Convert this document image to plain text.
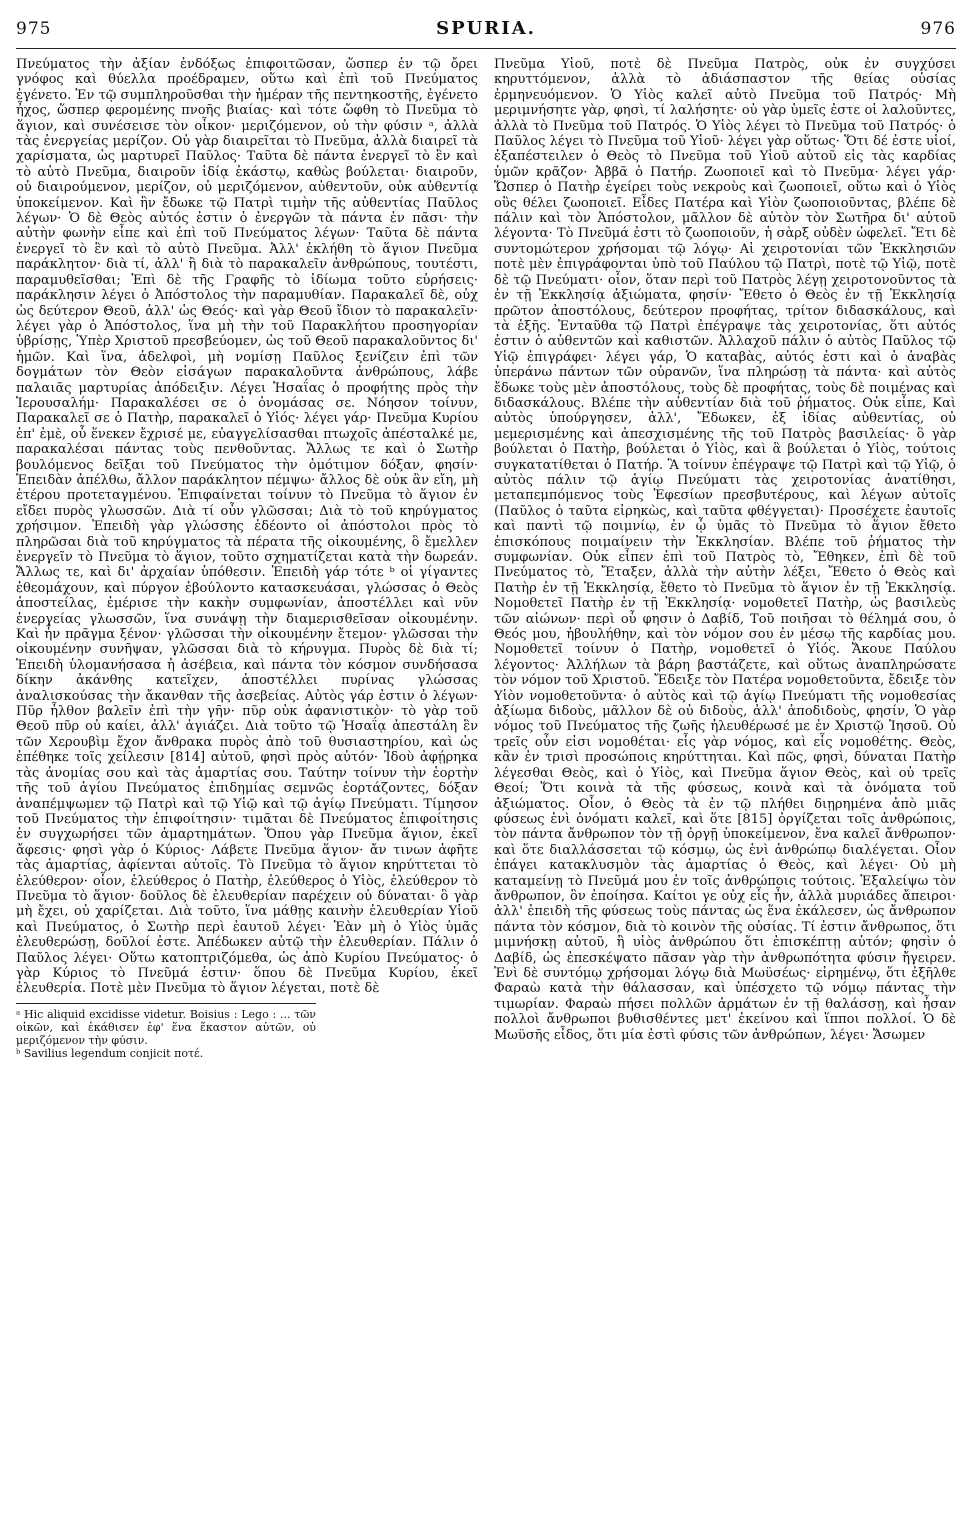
975	SPURIA.	976

Πνεύματος τὴν ἀξίαν ἐνδόξως ἐπιφοιτῶσαν, ὥσπερ ἐν τῷ ὄρει γνόφος καὶ θύελλα προέδραμεν, οὕτω καὶ ἐπὶ τοῦ Πνεύματος ἐγένετο. Ἐν τῷ συμπληροῦσθαι τὴν ἡμέραν τῆς πεντηκοστῆς, ἐγένετο ἦχος, ὥσπερ φερομένης πνοῆς βιαίας· καὶ τότε ὤφθη τὸ Πνεῦμα τὸ ἅγιον, καὶ συνέσεισε τὸν οἶκον· μεριζόμενον, οὐ τὴν φύσιν ᵃ, ἀλλὰ τὰς ἐνεργείας μερίζον. Οὐ γὰρ διαιρεῖται τὸ Πνεῦμα, ἀλλὰ διαιρεῖ τὰ χαρίσματα, ὡς μαρτυρεῖ Παῦλος· Ταῦτα δὲ πάντα ἐνεργεῖ τὸ ἓν καὶ τὸ αὐτὸ Πνεῦμα, διαιροῦν ἰδίᾳ ἑκάστῳ, καθὼς βούλεται· διαιροῦν, οὐ διαιρούμενον, μερίζον, οὐ μεριζόμενον, αὐθεντοῦν, οὐκ αὐθεντίᾳ ὑποκείμενον. Καὶ ἣν ἔδωκε τῷ Πατρὶ τιμὴν τῆς αὐθεντίας Παῦλος λέγων· Ὁ δὲ Θεὸς αὐτός ἐστιν ὁ ἐνεργῶν τὰ πάντα ἐν πᾶσι· τὴν αὐτὴν φωνὴν εἶπε καὶ ἐπὶ τοῦ Πνεύματος λέγων· Ταῦτα δὲ πάντα ἐνεργεῖ τὸ ἓν καὶ τὸ αὐτὸ Πνεῦμα. Ἀλλ' ἐκλήθη τὸ ἅγιον Πνεῦμα παράκλητον· διὰ τί, ἀλλ' ἢ διὰ τὸ παρακαλεῖν ἀνθρώπους, τουτέστι, παραμυθεῖσθαι; Ἐπὶ δὲ τῆς Γραφῆς τὸ ἰδίωμα τοῦτο εὑρήσεις· παράκλησιν λέγει ὁ Ἀπόστολος τὴν παραμυθίαν. Παρακαλεῖ δὲ, οὐχ ὡς δεύτερον Θεοῦ, ἀλλ' ὡς Θεός· καὶ γὰρ Θεοῦ ἴδιον τὸ παρακαλεῖν· λέγει γὰρ ὁ Ἀπόστολος, ἵνα μὴ τὴν τοῦ Παρακλήτου προσηγορίαν ὑβρίσῃς, Ὑπὲρ Χριστοῦ πρεσβεύομεν, ὡς τοῦ Θεοῦ παρακαλοῦντος δι' ἡμῶν. Καὶ ἵνα, ἀδελφοὶ, μὴ νομίσῃ Παῦλος ξενίζειν ἐπὶ τῶν δογμάτων τὸν Θεὸν εἰσάγων παρακαλοῦντα ἀνθρώπους, λάβε παλαιᾶς μαρτυρίας ἀπόδειξιν. Λέγει Ἡσαΐας ὁ προφήτης πρὸς τὴν Ἱερουσαλήμ· Παρακαλέσει σε ὁ ὀνομάσας σε. Νόησον τοίνυν, Παρακαλεῖ σε ὁ Πατὴρ, παρακαλεῖ ὁ Υἱός· λέγει γάρ· Πνεῦμα Κυρίου ἐπ' ἐμὲ, οὗ ἕνεκεν ἔχρισέ με, εὐαγγελίσασθαι πτωχοῖς ἀπέσταλκέ με, παρακαλέσαι πάντας τοὺς πενθοῦντας. Ἄλλως τε καὶ ὁ Σωτὴρ βουλόμενος δεῖξαι τοῦ Πνεύματος τὴν ὁμότιμον δόξαν, φησίν· Ἐπειδὰν ἀπέλθω, ἄλλον παράκλητον πέμψω· ἄλλος δὲ οὐκ ἂν εἴη, μὴ ἑτέρου προτεταγμένου. Ἐπιφαίνεται τοίνυν τὸ Πνεῦμα τὸ ἅγιον ἐν εἴδει πυρὸς γλωσσῶν. Διὰ τί οὖν γλῶσσαι; Διὰ τὸ τοῦ κηρύγματος χρήσιμον. Ἐπειδὴ γὰρ γλώσσης ἐδέοντο οἱ ἀπόστολοι πρὸς τὸ πληρῶσαι διὰ τοῦ κηρύγματος τὰ πέρατα τῆς οἰκουμένης, ὃ ἔμελλεν ἐνεργεῖν τὸ Πνεῦμα τὸ ἅγιον, τοῦτο σχηματίζεται κατὰ τὴν δωρεάν. Ἄλλως τε, καὶ δι' ἀρχαίαν ὑπόθεσιν. Ἐπειδὴ γάρ τότε ᵇ οἱ γίγαντες ἐθεομάχουν, καὶ πύργον ἐβούλοντο κατασκευάσαι, γλώσσας ὁ Θεὸς ἀποστείλας, ἐμέρισε τὴν κακὴν συμφωνίαν, ἀποστέλλει καὶ νῦν ἐνεργείας γλωσσῶν, ἵνα συνάψῃ τὴν διαμερισθεῖσαν οἰκουμένην. Καὶ ἦν πρᾶγμα ξένον· γλῶσσαι τὴν οἰκουμένην ἔτεμον· γλῶσσαι τὴν οἰκουμένην συνῆψαν, γλῶσσαι διὰ τὸ κήρυγμα. Πυρὸς δὲ διὰ τί; Ἐπειδὴ ὑλομανήσασα ἡ ἀσέβεια, καὶ πάντα τὸν κόσμον συνδήσασα δίκην ἀκάνθης κατεῖχεν, ἀποστέλλει πυρίνας γλώσσας ἀναλισκούσας τὴν ἄκανθαν τῆς ἀσεβείας. Αὐτὸς γάρ ἐστιν ὁ λέγων· Πῦρ ἦλθον βαλεῖν ἐπὶ τὴν γῆν· πῦρ οὐκ ἀφανιστικὸν· τὸ γὰρ τοῦ Θεοῦ πῦρ οὐ καίει, ἀλλ' ἁγιάζει. Διὰ τοῦτο τῷ Ἡσαΐᾳ ἀπεστάλη ἓν τῶν Χερουβὶμ ἔχον ἄνθρακα πυρὸς ἀπὸ τοῦ θυσιαστηρίου, καὶ ὡς ἐπέθηκε τοῖς χείλεσιν [814] αὐτοῦ, φησὶ πρὸς αὐτόν· Ἰδοὺ ἀφῄρηκα τὰς ἀνομίας σου καὶ τὰς ἁμαρτίας σου. Ταύτην τοίνυν τὴν ἑορτὴν τῆς τοῦ ἁγίου Πνεύματος ἐπιδημίας σεμνῶς ἑορτάζοντες, δόξαν ἀναπέμψωμεν τῷ Πατρὶ καὶ τῷ Υἱῷ καὶ τῷ ἁγίῳ Πνεύματι. Τίμησον τοῦ Πνεύματος τὴν ἐπιφοίτησιν· τιμᾶται δὲ Πνεύματος ἐπιφοίτησις ἐν συγχωρήσει τῶν ἁμαρτημάτων. Ὅπου γὰρ Πνεῦμα ἅγιον, ἐκεῖ ἄφεσις· φησὶ γὰρ ὁ Κύριος· Λάβετε Πνεῦμα ἅγιον· ἄν τινων ἀφῆτε τὰς ἁμαρτίας, ἀφίενται αὐτοῖς. Τὸ Πνεῦμα τὸ ἅγιον κηρύττεται τὸ ἐλεύθερον· οἷον, ἐλεύθερος ὁ Πατὴρ, ἐλεύθερος ὁ Υἱὸς, ἐλεύθερον τὸ Πνεῦμα τὸ ἅγιον· δοῦλος δὲ ἐλευθερίαν παρέχειν οὐ δύναται· ὃ γὰρ μὴ ἔχει, οὐ χαρίζεται. Διὰ τοῦτο, ἵνα μάθῃς καινὴν ἐλευθερίαν Υἱοῦ καὶ Πνεύματος, ὁ Σωτὴρ περὶ ἑαυτοῦ λέγει· Ἐὰν μὴ ὁ Υἱὸς ὑμᾶς ἐλευθερώσῃ, δοῦλοί ἐστε. Ἀπέδωκεν αὐτῷ τὴν ἐλευθερίαν. Πάλιν ὁ Παῦλος λέγει· Οὕτω κατοπτριζόμεθα, ὡς ἀπὸ Κυρίου Πνεύματος· ὁ γὰρ Κύριος τὸ Πνεῦμά ἐστιν· ὅπου δὲ Πνεῦμα Κυρίου, ἐκεῖ ἐλευθερία. Ποτὲ μὲν Πνεῦμα τὸ ἅγιον λέγεται, ποτὲ δὲ

ᵃ Hic aliquid excidisse videtur. Boisius : Lego : ... τῶν οἰκῶν, καὶ ἐκάθισεν ἐφ' ἕνα ἕκαστον αὐτῶν, οὐ μεριζόμενον τὴν φύσιν.
ᵇ Savilius legendum conjicit ποτέ.

Πνεῦμα Υἱοῦ, ποτὲ δὲ Πνεῦμα Πατρὸς, οὐκ ἐν συγχύσει κηρυττόμενον, ἀλλὰ τὸ ἀδιάσπαστον τῆς θείας οὐσίας ἑρμηνευόμενον. Ὁ Υἱὸς καλεῖ αὐτὸ Πνεῦμα τοῦ Πατρός· Μὴ μεριμνήσητε γὰρ, φησὶ, τί λαλήσητε· οὐ γὰρ ὑμεῖς ἐστε οἱ λαλοῦντες, ἀλλὰ τὸ Πνεῦμα τοῦ Πατρός. Ὁ Υἱὸς λέγει τὸ Πνεῦμα τοῦ Πατρός· ὁ Παῦλος λέγει τὸ Πνεῦμα τοῦ Υἱοῦ· λέγει γὰρ οὕτως· Ὅτι δέ ἐστε υἱοί, ἐξαπέστειλεν ὁ Θεὸς τὸ Πνεῦμα τοῦ Υἱοῦ αὐτοῦ εἰς τὰς καρδίας ὑμῶν κρᾶζον· Ἀββᾶ ὁ Πατήρ. Ζωοποιεῖ καὶ τὸ Πνεῦμα· λέγει γάρ· Ὥσπερ ὁ Πατὴρ ἐγείρει τοὺς νεκροὺς καὶ ζωοποιεῖ, οὕτω καὶ ὁ Υἱὸς οὓς θέλει ζωοποιεῖ. Εἶδες Πατέρα καὶ Υἱὸν ζωοποιοῦντας, βλέπε δὲ πάλιν καὶ τὸν Ἀπόστολον, μᾶλλον δὲ αὐτὸν τὸν Σωτῆρα δι' αὐτοῦ λέγοντα· Τὸ Πνεῦμά ἐστι τὸ ζωοποιοῦν, ἡ σὰρξ οὐδὲν ὠφελεῖ. Ἔτι δὲ συντομώτερον χρήσομαι τῷ λόγῳ· Αἱ χειροτονίαι τῶν Ἐκκλησιῶν ποτὲ μὲν ἐπιγράφονται ὑπὸ τοῦ Παύλου τῷ Πατρὶ, ποτὲ τῷ Υἱῷ, ποτὲ δὲ τῷ Πνεύματι· οἷον, ὅταν περὶ τοῦ Πατρὸς λέγῃ χειροτονοῦντος τὰ ἐν τῇ Ἐκκλησίᾳ ἀξιώματα, φησίν· Ἔθετο ὁ Θεὸς ἐν τῇ Ἐκκλησίᾳ πρῶτον ἀποστόλους, δεύτερον προφήτας, τρίτον διδασκάλους, καὶ τὰ ἑξῆς. Ἐνταῦθα τῷ Πατρὶ ἐπέγραψε τὰς χειροτονίας, ὅτι αὐτός ἐστιν ὁ αὐθεντῶν καὶ καθιστῶν. Ἀλλαχοῦ πάλιν ὁ αὐτὸς Παῦλος τῷ Υἱῷ ἐπιγράφει· λέγει γάρ, Ὁ καταβὰς, αὐτός ἐστι καὶ ὁ ἀναβὰς ὑπεράνω πάντων τῶν οὐρανῶν, ἵνα πληρώσῃ τὰ πάντα· καὶ αὐτὸς ἔδωκε τοὺς μὲν ἀποστόλους, τοὺς δὲ προφήτας, τοὺς δὲ ποιμένας καὶ διδασκάλους. Βλέπε τὴν αὐθεντίαν διὰ τοῦ ῥήματος. Οὐκ εἶπε, Καὶ αὐτὸς ὑπούργησεν, ἀλλ', Ἔδωκεν, ἐξ ἰδίας αὐθεντίας, οὐ μεμερισμένης καὶ ἀπεσχισμένης τῆς τοῦ Πατρὸς βασιλείας· ὃ γὰρ βούλεται ὁ Πατὴρ, βούλεται ὁ Υἱὸς, καὶ ἃ βούλεται ὁ Υἱὸς, τούτοις συγκατατίθεται ὁ Πατήρ. Ἃ τοίνυν ἐπέγραψε τῷ Πατρὶ καὶ τῷ Υἱῷ, ὁ αὐτὸς πάλιν τῷ ἁγίῳ Πνεύματι τὰς χειροτονίας ἀνατίθησι, μεταπεμπόμενος τοὺς Ἐφεσίων πρεσβυτέρους, καὶ λέγων αὐτοῖς (Παῦλος ὁ ταῦτα εἰρηκὼς, καὶ ταῦτα φθέγγεται)· Προσέχετε ἑαυτοῖς καὶ παντὶ τῷ ποιμνίῳ, ἐν ᾧ ὑμᾶς τὸ Πνεῦμα τὸ ἅγιον ἔθετο ἐπισκόπους ποιμαίνειν τὴν Ἐκκλησίαν. Βλέπε τοῦ ῥήματος τὴν συμφωνίαν. Οὐκ εἶπεν ἐπὶ τοῦ Πατρὸς τὸ, Ἔθηκεν, ἐπὶ δὲ τοῦ Πνεύματος τὸ, Ἔταξεν, ἀλλὰ τὴν αὐτὴν λέξει, Ἔθετο ὁ Θεὸς καὶ Πατὴρ ἐν τῇ Ἐκκλησίᾳ, ἔθετο τὸ Πνεῦμα τὸ ἅγιον ἐν τῇ Ἐκκλησίᾳ. Νομοθετεῖ Πατὴρ ἐν τῇ Ἐκκλησίᾳ· νομοθετεῖ Πατὴρ, ὡς βασιλεὺς τῶν αἰώνων· περὶ οὗ φησιν ὁ Δαβίδ, Τοῦ ποιῆσαι τὸ θέλημά σου, ὁ Θεός μου, ἠβουλήθην, καὶ τὸν νόμον σου ἐν μέσῳ τῆς καρδίας μου. Νομοθετεῖ τοίνυν ὁ Πατὴρ, νομοθετεῖ ὁ Υἱός. Ἄκουε Παύλου λέγοντος· Ἀλλήλων τὰ βάρη βαστάζετε, καὶ οὕτως ἀναπληρώσατε τὸν νόμον τοῦ Χριστοῦ. Ἔδειξε τὸν Πατέρα νομοθετοῦντα, ἔδειξε τὸν Υἱὸν νομοθετοῦντα· ὁ αὐτὸς καὶ τῷ ἁγίῳ Πνεύματι τῆς νομοθεσίας ἀξίωμα διδοὺς, μᾶλλον δὲ οὐ διδοὺς, ἀλλ' ἀποδιδοὺς, φησίν, Ὁ γὰρ νόμος τοῦ Πνεύματος τῆς ζωῆς ἠλευθέρωσέ με ἐν Χριστῷ Ἰησοῦ. Οὐ τρεῖς οὖν εἰσι νομοθέται· εἷς γὰρ νόμος, καὶ εἷς νομοθέτης. Θεὸς, κἂν ἐν τρισὶ προσώποις κηρύττηται. Καὶ πῶς, φησὶ, δύναται Πατὴρ λέγεσθαι Θεὸς, καὶ ὁ Υἱὸς, καὶ Πνεῦμα ἅγιον Θεὸς, καὶ οὐ τρεῖς Θεοί; Ὅτι κοινὰ τὰ τῆς φύσεως, κοινὰ καὶ τὰ ὀνόματα τοῦ ἀξιώματος. Οἷον, ὁ Θεὸς τὰ ἐν τῷ πλήθει διῃρημένα ἀπὸ μιᾶς φύσεως ἑνὶ ὀνόματι καλεῖ, καὶ ὅτε [815] ὀργίζεται τοῖς ἀνθρώποις, τὸν πάντα ἄνθρωπον τὸν τῇ ὀργῇ ὑποκείμενον, ἕνα καλεῖ ἄνθρωπον· καὶ ὅτε διαλλάσσεται τῷ κόσμῳ, ὡς ἑνὶ ἀνθρώπῳ διαλέγεται. Οἷον ἐπάγει κατακλυσμὸν τὰς ἁμαρτίας ὁ Θεὸς, καὶ λέγει· Οὐ μὴ καταμείνῃ τὸ Πνεῦμά μου ἐν τοῖς ἀνθρώποις τούτοις. Ἐξαλείψω τὸν ἄνθρωπον, ὃν ἐποίησα. Καίτοι γε οὐχ εἷς ἦν, ἀλλὰ μυριάδες ἄπειροι· ἀλλ' ἐπειδὴ τῆς φύσεως τοὺς πάντας ὡς ἕνα ἐκάλεσεν, ὡς ἄνθρωπον πάντα τὸν κόσμον, διὰ τὸ κοινὸν τῆς οὐσίας. Τί ἐστιν ἄνθρωπος, ὅτι μιμνήσκῃ αὐτοῦ, ἢ υἱὸς ἀνθρώπου ὅτι ἐπισκέπτῃ αὐτόν; φησὶν ὁ Δαβίδ, ὡς ἐπεσκέψατο πᾶσαν γὰρ τὴν ἀνθρωπότητα φύσιν ἤγειρεν. Ἐνὶ δὲ συντόμῳ χρήσομαι λόγῳ διὰ Μωϋσέως· εἰρημένῳ, ὅτι ἐξῆλθε Φαραὼ κατὰ τὴν θάλασσαν, καὶ ὑπέσχετο τῷ νόμῳ πάντας τὴν τιμωρίαν. Φαραὼ πήσει πολλῶν ἁρμάτων ἐν τῇ θαλάσσῃ, καὶ ἦσαν πολλοὶ ἄνθρωποι βυθισθέντες μετ' ἐκείνου καὶ ἵπποι πολλοί. Ὁ δὲ Μωϋσῆς εἶδος, ὅτι μία ἐστὶ φύσις τῶν ἀνθρώπων, λέγει· Ἄσωμεν
